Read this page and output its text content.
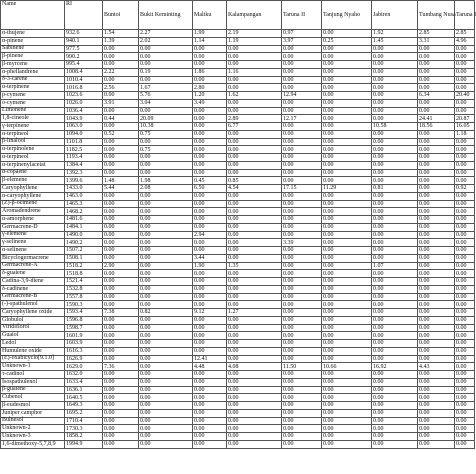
Name	RI	Buntoi	Bukit Keminting	Maliku	Kalampangan	Taruna II	Tanjung Nyaho	Jabiren	Tumbang Nusa	Taruna I
α-thujene	932.6	1.54	2.27	1.99	2.19	0.97	0.00	1.92	2.85	2.85
α-pinene	940.1	1.39	2.02	1.14	1.19	3.97	0.25	1.45	3.31	4.96
Sabinene	977.5	0.00	0.00	0.00	0.00	0.00	0.00	0.00	0.00	0.00
β-pinene	990.2	0.00	0.00	0.00	0.00	0.00	0.00	0.00	0.00	0.00
β-myrcene	995.4	0.00	0.00	0.00	0.00	0.00	0.00	0.00	0.00	0.00
α-phellandrene	1008.4	2.22	0.19	1.86	1.16	0.00	0.00	0.00	0.00	0.00
δ-3-carene	1010.4	0.00	0.00	0.00	0.00	0.00	0.00	0.00	0.00	0.00
α-terpinene	1016.8	2.56	1.67	2.80	0.00	0.00	0.00	0.00	0.00	0.00
p-cymene	1023.6	0.00	5.76	1.20	1.62	12.94	0.00	0.00	6.34	20.40
o-cymene	1026.0	3.91	3.04	3.49	0.00	0.00	0.00	0.00	0.00	0.00
Limonene	1036.4	0.00	0.00	0.00	0.00	0.00	0.00	0.00	0.00	0.00
1,8-cineole	1043.9	0.44	20.09	0.00	2.89	12.17	0.00	0.00	24.41	20.87
γ-terpinene	1063.0	0.00	10.38	0.00	6.77	0.00	0.00	10.58	18.56	16.05
α-terpineol	1094.0	0.52	0.75	0.00	0.00	0.00	0.00	0.00	0.00	1.18
β-linalool	1101.8	0.00	0.00	0.00	0.00	0.00	0.00	0.00	0.00	0.00
α-terpinolene	1182.5	0.00	0.75	0.00	0.00	0.00	0.00	0.00	0.00	0.00
α-terpineol	1193.4	0.00	0.00	0.00	0.00	0.00	0.00	0.00	0.00	0.00
α-terpinenylacetat	1384.4	0.00	0.00	0.00	0.00	0.00	0.00	0.00	0.00	0.00
α-copaene	1392.3	0.00	0.00	0.00	0.00	0.00	0.00	0.00	0.00	0.00
β-elemene	1399.6	1.48	1.98	0.45	0.85	0.00	0.00	0.00	0.00	0.00
Caryophyllene	1433.0	5.44	2.08	6.50	4.54	17.15	11.29	0.81	0.00	0.92
α-caryophyllene	1463.0	0.00	0.00	0.00	0.00	0.00	0.00	0.00	0.00	0.00
(Z)-β-ocimene	1465.3	0.00	0.00	0.00	0.00	0.00	0.00	0.00	0.00	0.00
Aromadendrene	1468.2	0.00	0.00	0.00	0.00	0.00	0.00	0.00	0.00	0.00
α-amorphene	1481.6	0.00	0.00	0.00	0.00	0.00	0.00	0.00	0.00	0.00
Germacrene-D	1484.1	0.00	0.00	0.00	0.00	0.00	0.00	0.00	0.00	0.00
γ-elemene	1490.0	0.00	0.00	2.94	0.00	0.00	0.00	0.00	0.00	0.00
γ-selinene	1490.2	0.00	0.00	0.00	0.00	3.39	0.00	0.00	0.00	0.00
α-selinene	1507.2	0.00	0.00	0.00	0.00	0.00	0.00	0.00	0.00	0.00
Bicyclogermacrene	1508.1	0.00	0.00	3.44	0.00	0.00	0.00	0.00	0.00	0.00
Germacrene-A	1518.2	2.90	0.00	1.90	1.35	0.00	0.00	1.07	0.00	0.00
δ-guaiene	1518.8	0.00	0.00	0.00	0.00	0.00	0.00	0.00	0.00	0.00
Cadina-3,9-diene	1521.4	0.00	0.00	0.00	0.00	0.00	0.00	0.00	0.00	0.00
δ-cadinene	1532.8	0.00	0.00	0.00	0.00	0.00	0.00	0.00	0.00	0.00
Germacrene-B	1557.8	0.00	0.00	0.00	0.00	0.00	0.00	0.00	0.00	0.00
(-)-spathulenol	1590.3	0.00	0.00	0.00	0.00	0.00	0.00	0.00	0.00	0.00
Caryophyllene oxide	1593.4	7.38	0.82	9.12	1.27	0.00	0.00	0.00	0.00	0.00
Globulol	1596.8	0.00	0.00	0.00	0.00	0.00	0.00	0.00	0.00	0.00
Viridiflorol	1598.7	0.00	0.00	0.00	0.00	0.00	0.00	0.00	0.00	0.00
Guaiol	1601.9	0.00	0.00	0.00	0.00	0.00	0.00	0.00	0.00	0.00
Ledol	1603.9	0.00	0.00	0.00	0.00	0.00	0.00	0.00	0.00	0.00
Humulene oxide	1616.3	0.00	0.00	0.00	0.00	0.00	0.00	0.00	0.00	0.00
(E)-oxabicyclo[9.1.0]	1626.9	0.00	0.00	12.41	0.00	0.00	0.00	0.00	0.00	0.00
Unknown-1	1629.0	7.36	0.00	4.48	4.08	11.50	10.66	16.92	4.43	0.00
τ-cadinol	1632.0	0.00	0.00	0.00	0.00	0.00	0.00	0.00	0.00	0.00
Isospathulenol	1633.4	0.00	0.00	0.00	0.00	0.00	0.00	0.00	0.00	0.00
β-guaiene	1636.1	0.00	0.00	0.00	0.00	0.00	0.00	0.00	0.00	0.00
Cubenol	1640.5	0.00	0.00	0.00	0.00	0.00	0.00	0.00	0.00	0.00
β-eudesmol	1649.3	0.00	0.00	0.00	0.00	0.00	0.00	0.00	0.00	0.00
Juniper camphor	1695.2	0.00	0.00	0.00	0.00	0.00	0.00	0.00	0.00	0.00
Bulnesol	1710.4	0.00	0.00	0.00	0.00	0.00	0.00	0.00	0.00	0.00
Unknown-2	1730.3	0.00	0.00	0.00	0.00	0.00	0.00	0.00	0.00	0.00
Unknown-3	1858.2	0.00	0.00	0.00	0.00	0.00	0.00	0.00	0.00	0.00
1,6-dimethoxy-5,7,8,9	1994.9	0.00	0.00	0.00	0.00	0.00	0.00	0.00	0.00	0.00
